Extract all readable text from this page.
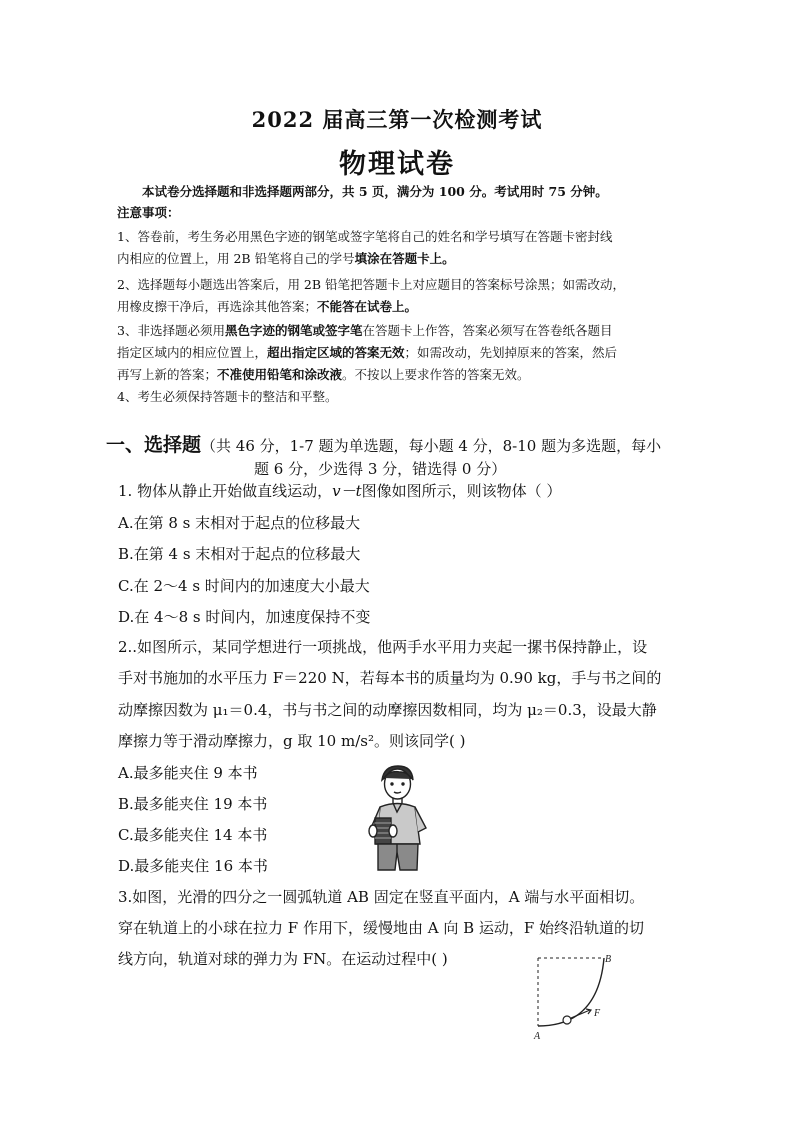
2022 届高三第一次检测考试
物理试卷
本试卷分选择题和非选择题两部分，共 5 页，满分为 100 分。考试用时 75 分钟。
注意事项：
1、答卷前，考生务必用黑色字迹的钢笔或签字笔将自己的姓名和学号填写在答题卡密封线
内相应的位置上，用 2B 铅笔将自己的学号填涂在答题卡上。
2、选择题每小题选出答案后，用 2B 铅笔把答题卡上对应题目的答案标号涂黑；如需改动，
用橡皮擦干净后，再选涂其他答案；不能答在试卷上。
3、非选择题必须用黑色字迹的钢笔或签字笔在答题卡上作答，答案必须写在答卷纸各题目
指定区域内的相应位置上，超出指定区域的答案无效；如需改动，先划掉原来的答案，然后
再写上新的答案；不准使用铅笔和涂改液。不按以上要求作答的答案无效。
4、考生必须保持答题卡的整洁和平整。
一、选择题（共 46 分，1-7 题为单选题，每小题 4 分，8-10 题为多选题，每小
题 6 分，少选得 3 分，错选得 0 分）
1. 物体从静止开始做直线运动，v－t图像如图所示，则该物体（ ）
A.在第 8 s 末相对于起点的位移最大
B.在第 4 s 末相对于起点的位移最大
C.在 2～4 s 时间内的加速度大小最大
D.在 4～8 s 时间内，加速度保持不变
2..如图所示，某同学想进行一项挑战，他两手水平用力夹起一摞书保持静止，设
手对书施加的水平压力 F＝220 N，若每本书的质量均为 0.90 kg，手与书之间的
动摩擦因数为 μ₁＝0.4，书与书之间的动摩擦因数相同，均为 μ₂＝0.3，设最大静
摩擦力等于滑动摩擦力，g 取 10 m/s²。则该同学( )
A.最多能夹住 9 本书
B.最多能夹住 19 本书
C.最多能夹住 14 本书
D.最多能夹住 16 本书
3.如图，光滑的四分之一圆弧轨道 AB 固定在竖直平面内，A 端与水平面相切。
穿在轨道上的小球在拉力 F 作用下，缓慢地由 A 向 B 运动，F 始终沿轨道的切
线方向，轨道对球的弹力为 FN。在运动过程中( )
A
B
F
